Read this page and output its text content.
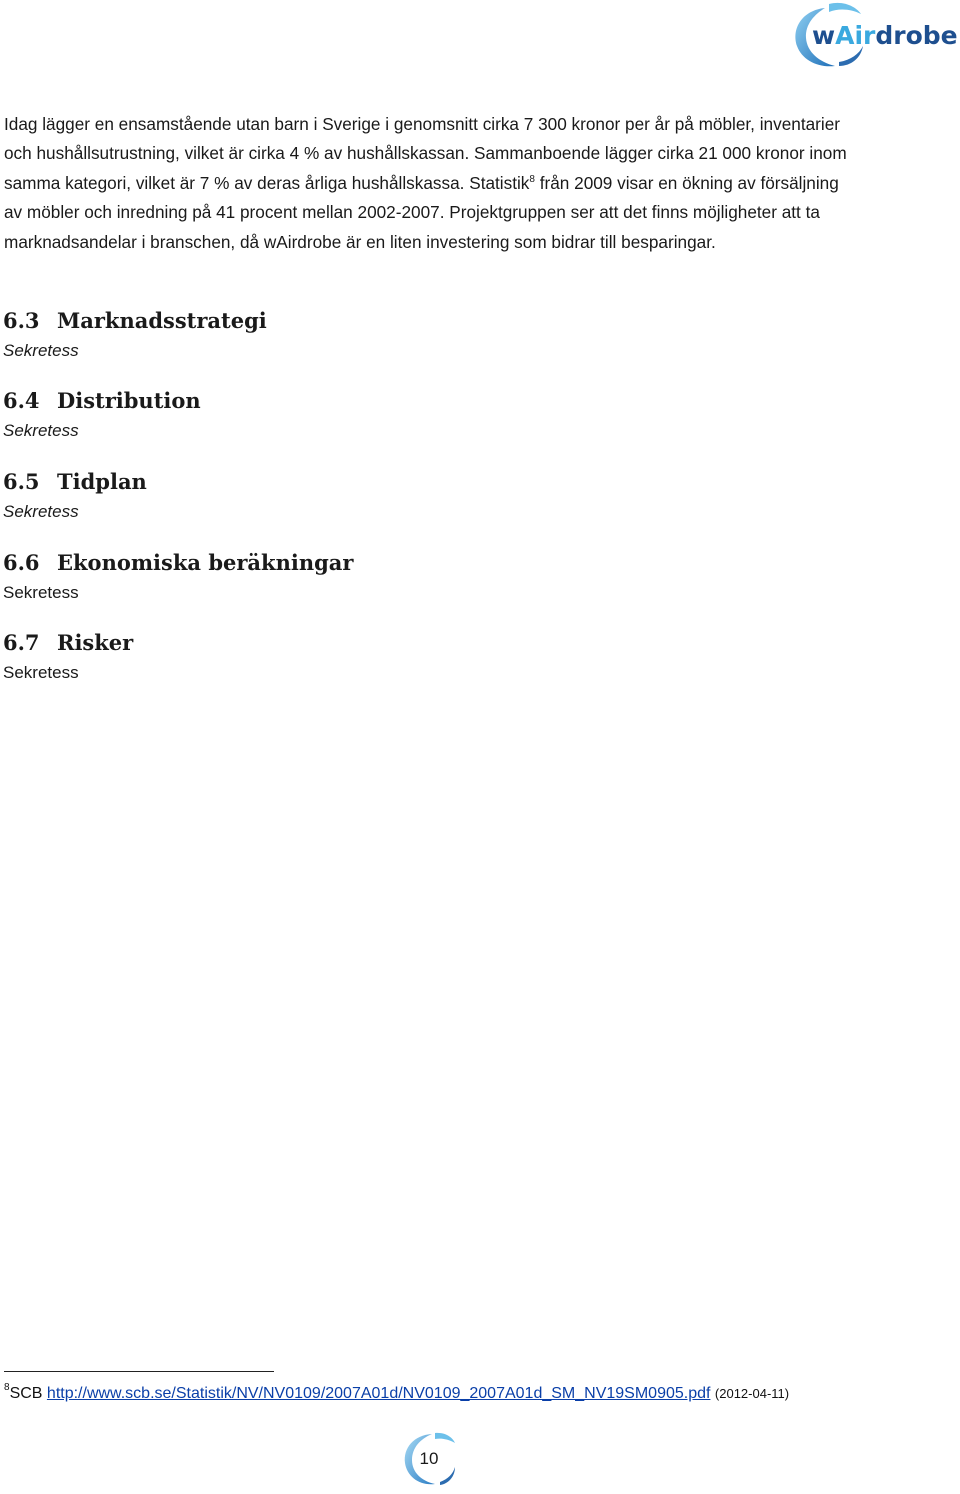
wAirdrobe

Idag lägger en ensamstående utan barn i Sverige i genomsnitt cirka 7 300 kronor per år på möbler, inventarier och hushållsutrustning, vilket är cirka 4 % av hushållskassan. Sammanboende lägger cirka 21 000 kronor inom samma kategori, vilket är 7 % av deras årliga hushållskassa. Statistik$^8$ från 2009 visar en ökning av försäljning av möbler och inredning på 41 procent mellan 2002-2007. Projektgruppen ser att det finns möjligheter att ta marknadsandelar i branschen, då wAirdrobe är en liten investering som bidrar till besparingar.

6.3 Marknadsstrategi
Sekretess
6.4 Distribution
Sekretess
6.5 Tidplan
Sekretess
6.6 Ekonomiska beräkningar
Sekretess
6.7 Risker
Sekretess
$^8$SCB http://www.scb.se/Statistik/NV/NV0109/2007A01d/NV0109_2007A01d_SM_NV19SM0905.pdf (2012-04-11)
10
